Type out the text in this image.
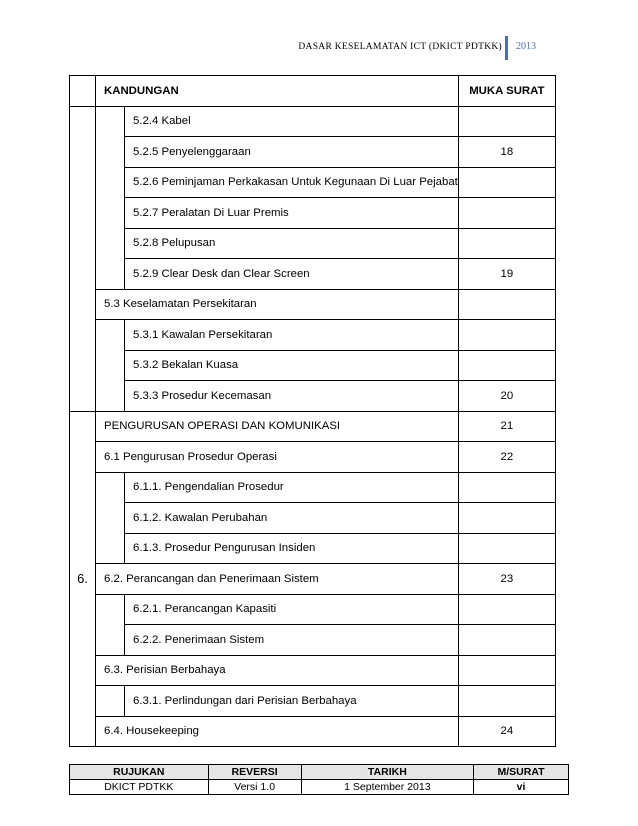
DASAR KESELAMATAN ICT (DKICT PDTKK) 2013
	KANDUNGAN		MUKA SURAT
		5.2.4 Kabel	
		5.2.5 Penyelenggaraan	18
		5.2.6 Peminjaman Perkakasan Untuk Kegunaan Di Luar Pejabat	
		5.2.7 Peralatan Di Luar Premis	
		5.2.8 Pelupusan	
		5.2.9 Clear Desk dan Clear Screen	19
	5.3 Keselamatan Persekitaran		
		5.3.1 Kawalan Persekitaran	
		5.3.2 Bekalan Kuasa	
		5.3.3 Prosedur Kecemasan	20
6.	PENGURUSAN OPERASI DAN KOMUNIKASI		21
	6.1 Pengurusan Prosedur Operasi		22
		6.1.1. Pengendalian Prosedur	
		6.1.2. Kawalan Perubahan	
		6.1.3. Prosedur Pengurusan Insiden	
	6.2. Perancangan dan Penerimaan Sistem		23
		6.2.1. Perancangan Kapasiti	
		6.2.2. Penerimaan Sistem	
	6.3. Perisian Berbahaya		
		6.3.1. Perlindungan dari Perisian Berbahaya	
	6.4. Housekeeping		24
RUJUKAN	REVERSI	TARIKH	M/SURAT
DKICT PDTKK	Versi 1.0	1 September 2013	vi
